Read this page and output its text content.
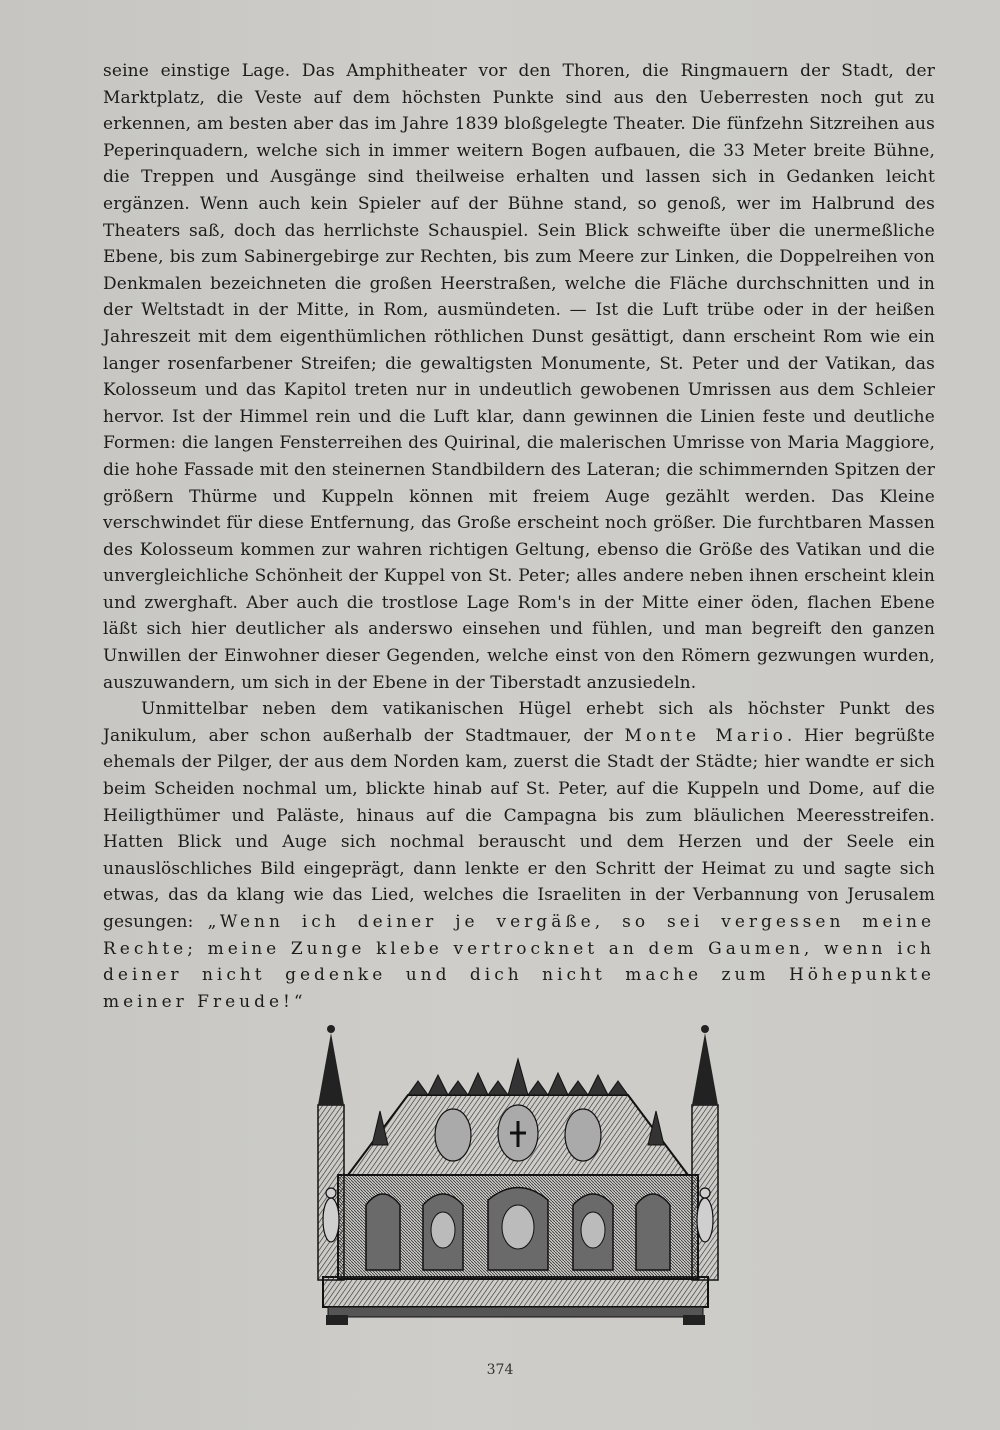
seine einstige Lage. Das Amphitheater vor den Thoren, die Ringmauern der Stadt, der Marktplatz, die Veste auf dem höchsten Punkte sind aus den Ueberresten noch gut zu erkennen, am besten aber das im Jahre 1839 bloßgelegte Theater. Die fünfzehn Sitzreihen aus Peperinquadern, welche sich in immer weitern Bogen aufbauen, die 33 Meter breite Bühne, die Treppen und Ausgänge sind theilweise erhalten und lassen sich in Gedanken leicht ergänzen. Wenn auch kein Spieler auf der Bühne stand, so genoß, wer im Halbrund des Theaters saß, doch das herrlichste Schauspiel. Sein Blick schweifte über die unermeßliche Ebene, bis zum Sabinergebirge zur Rechten, bis zum Meere zur Linken, die Doppelreihen von Denkmalen bezeichneten die großen Heerstraßen, welche die Fläche durchschnitten und in der Weltstadt in der Mitte, in Rom, ausmündeten. — Ist die Luft trübe oder in der heißen Jahreszeit mit dem eigenthümlichen röthlichen Dunst gesättigt, dann erscheint Rom wie ein langer rosenfarbener Streifen; die gewaltigsten Monumente, St. Peter und der Vatikan, das Kolosseum und das Kapitol treten nur in undeutlich gewobenen Umrissen aus dem Schleier hervor. Ist der Himmel rein und die Luft klar, dann gewinnen die Linien feste und deutliche Formen: die langen Fensterreihen des Quirinal, die malerischen Umrisse von Maria Maggiore, die hohe Fassade mit den steinernen Standbildern des Lateran; die schimmernden Spitzen der größern Thürme und Kuppeln können mit freiem Auge gezählt werden. Das Kleine verschwindet für diese Entfernung, das Große erscheint noch größer. Die furchtbaren Massen des Kolosseum kommen zur wahren richtigen Geltung, ebenso die Größe des Vatikan und die unvergleichliche Schönheit der Kuppel von St. Peter; alles andere neben ihnen erscheint klein und zwerghaft. Aber auch die trostlose Lage Rom's in der Mitte einer öden, flachen Ebene läßt sich hier deutlicher als anderswo einsehen und fühlen, und man begreift den ganzen Unwillen der Einwohner dieser Gegenden, welche einst von den Römern gezwungen wurden, auszuwandern, um sich in der Ebene in der Tiberstadt anzusiedeln.

Unmittelbar neben dem vatikanischen Hügel erhebt sich als höchster Punkt des Janikulum, aber schon außerhalb der Stadtmauer, der Monte Mario. Hier begrüßte ehemals der Pilger, der aus dem Norden kam, zuerst die Stadt der Städte; hier wandte er sich beim Scheiden nochmal um, blickte hinab auf St. Peter, auf die Kuppeln und Dome, auf die Heiligthümer und Paläste, hinaus auf die Campagna bis zum bläulichen Meeresstreifen. Hatten Blick und Auge sich nochmal berauscht und dem Herzen und der Seele ein unauslöschliches Bild eingeprägt, dann lenkte er den Schritt der Heimat zu und sagte sich etwas, das da klang wie das Lied, welches die Israeliten in der Verbannung von Jerusalem gesungen: „Wenn ich deiner je vergäße, so sei vergessen meine Rechte; meine Zunge klebe vertrocknet an dem Gaumen, wenn ich deiner nicht gedenke und dich nicht mache zum Höhepunkte meiner Freude!“

374
